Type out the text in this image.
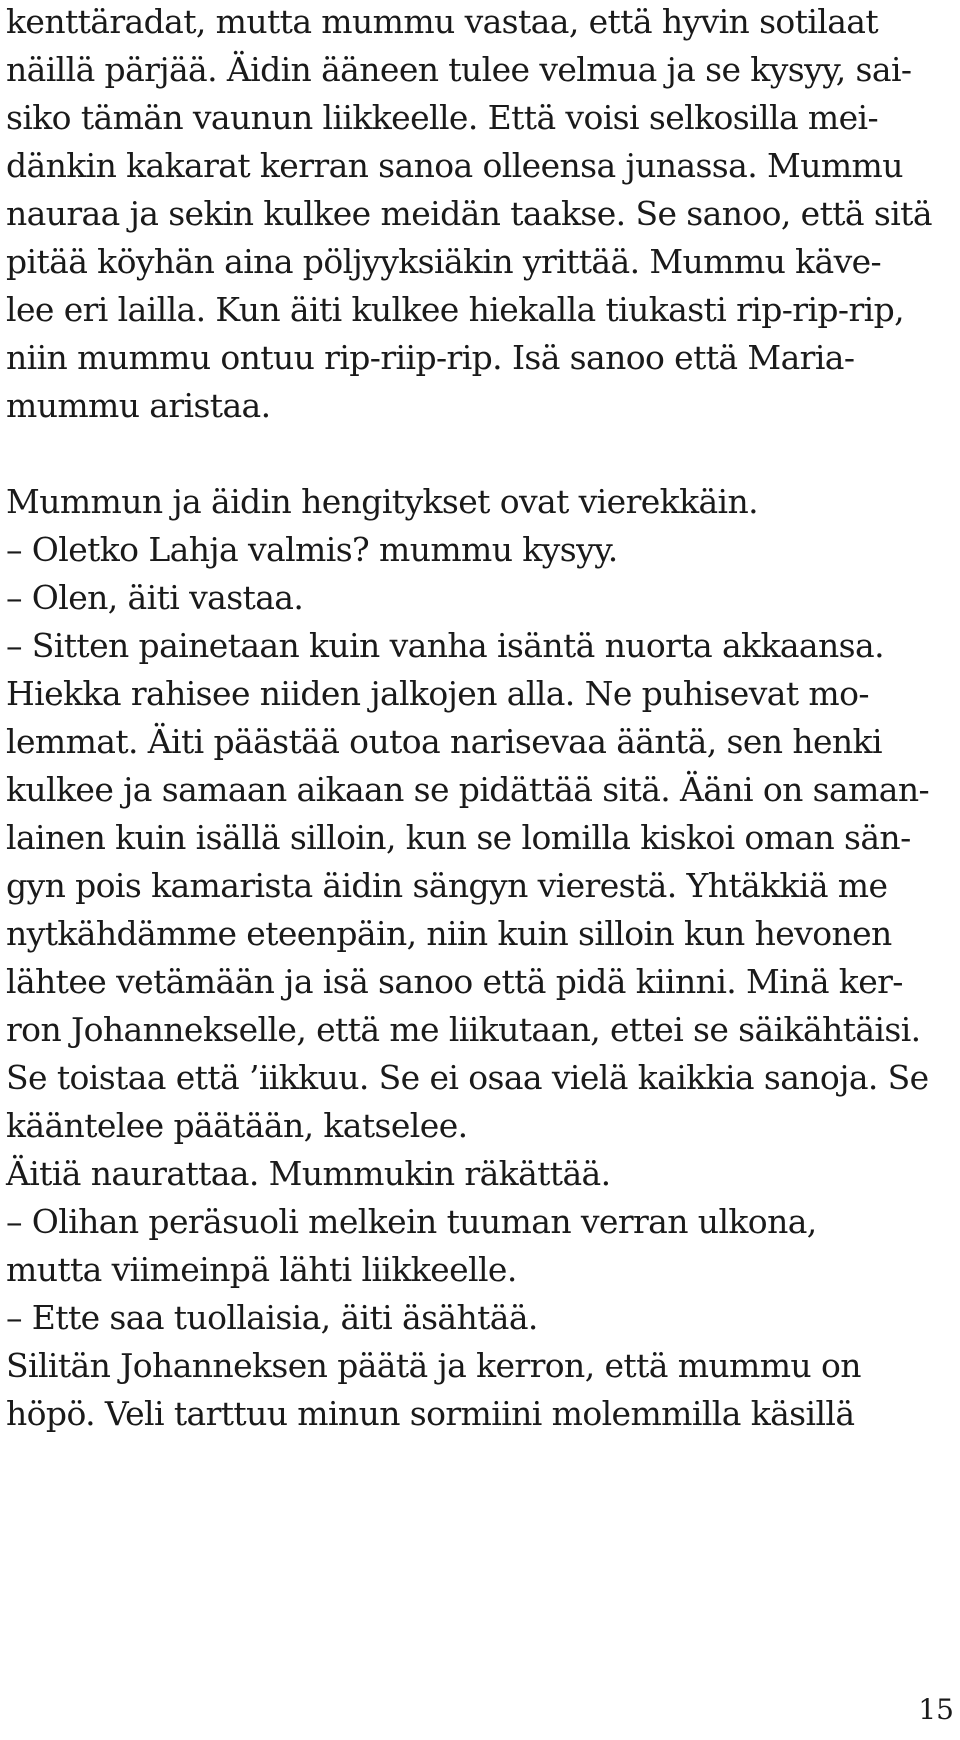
kenttäradat, mutta mummu vastaa, että hyvin sotilaat
näillä pärjää. Äidin ääneen tulee velmua ja se kysyy, sai-
siko tämän vaunun liikkeelle. Että voisi selkosilla mei-
dänkin kakarat kerran sanoa olleensa junassa. Mummu
nauraa ja sekin kulkee meidän taakse. Se sanoo, että sitä
pitää köyhän aina pöljyyksiäkin yrittää. Mummu käve-
lee eri lailla. Kun äiti kulkee hiekalla tiukasti rip-rip-rip,
niin mummu ontuu rip-riip-rip. Isä sanoo että Maria-
mummu aristaa.
Mummun ja äidin hengitykset ovat vierekkäin.
– Oletko Lahja valmis? mummu kysyy.
– Olen, äiti vastaa.
– Sitten painetaan kuin vanha isäntä nuorta akkaansa.
Hiekka rahisee niiden jalkojen alla. Ne puhisevat mo-
lemmat. Äiti päästää outoa narisevaa ääntä, sen henki
kulkee ja samaan aikaan se pidättää sitä. Ääni on saman-
lainen kuin isällä silloin, kun se lomilla kiskoi oman sän-
gyn pois kamarista äidin sängyn vierestä. Yhtäkkiä me
nytkähdämme eteenpäin, niin kuin silloin kun hevonen
lähtee vetämään ja isä sanoo että pidä kiinni. Minä ker-
ron Johannekselle, että me liikutaan, ettei se säikähtäisi.
Se toistaa että ’iikkuu. Se ei osaa vielä kaikkia sanoja. Se
kääntelee päätään, katselee.
Äitiä naurattaa. Mummukin räkättää.
– Olihan peräsuoli melkein tuuman verran ulkona,
mutta viimeinpä lähti liikkeelle.
– Ette saa tuollaisia, äiti äsähtää.
Silitän Johanneksen päätä ja kerron, että mummu on
höpö. Veli tarttuu minun sormiini molemmilla käsillä
15
